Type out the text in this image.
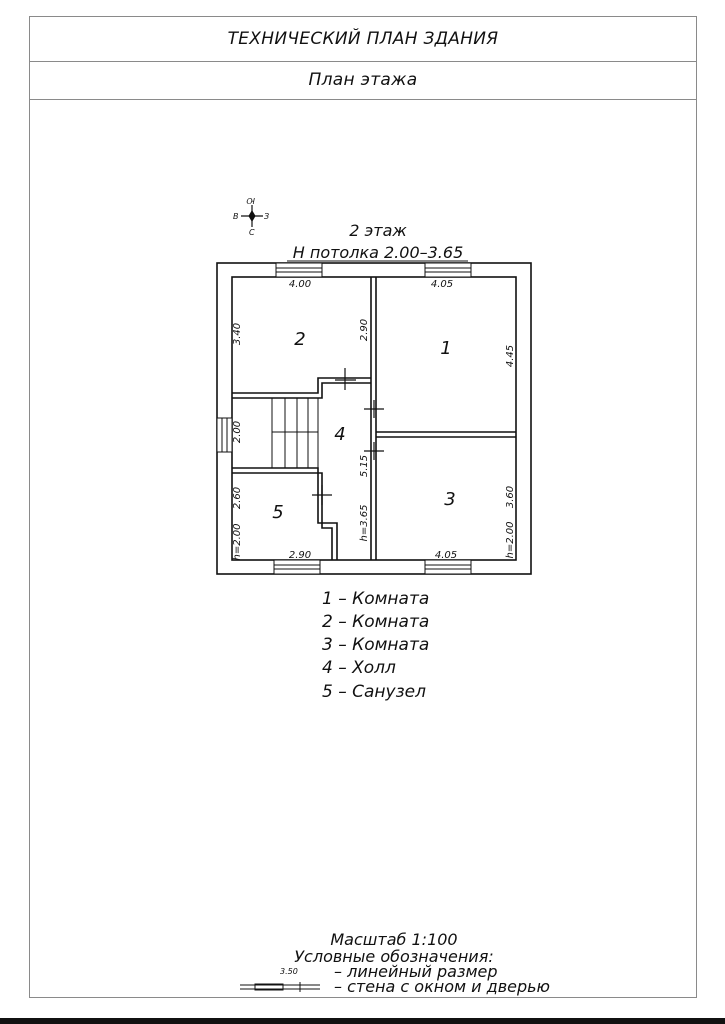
ТЕХНИЧЕСКИЙ ПЛАН ЗДАНИЯ
План этажа
Ю
З
В
С	2 этаж
Н потолка 2.00–3.65
4.00	4.05
3.40	2.90
4.45
2.00
5.15
h=3.65
2.60
h=2.00	2.90
3.60
h=2.00
4.05
1
2
3
4
5
1 – Комната
2 – Комната
3 – Комната
4 – Холл
5 – Санузел
Масштаб 1:100
Условные обозначения:
3.50 – линейный размер
– стена с окном и дверью
